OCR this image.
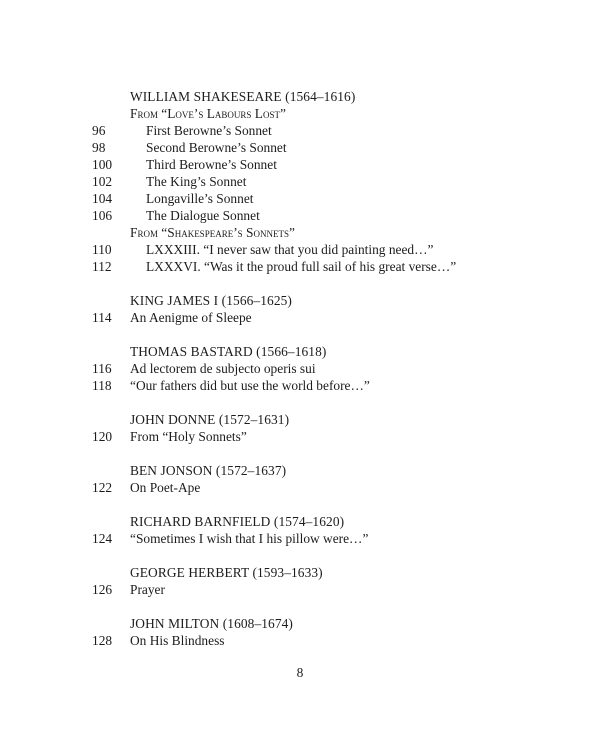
WILLIAM SHAKESEARE (1564–1616)
From “Love’s Labours Lost”
96	First Berowne’s Sonnet
98	Second Berowne’s Sonnet
100	Third Berowne’s Sonnet
102	The King’s Sonnet
104	Longaville’s Sonnet
106	The Dialogue Sonnet
From “Shakespeare’s Sonnets”
110	LXXXIII. “I never saw that you did painting need…”
112	LXXXVI. “Was it the proud full sail of his great verse…”
KING JAMES I (1566–1625)
114	An Aenigme of Sleepe
THOMAS BASTARD (1566–1618)
116	Ad lectorem de subjecto operis sui
118	“Our fathers did but use the world before…”
JOHN DONNE (1572–1631)
120	From “Holy Sonnets”
BEN JONSON (1572–1637)
122	On Poet-Ape
RICHARD BARNFIELD (1574–1620)
124	“Sometimes I wish that I his pillow were…”
GEORGE HERBERT (1593–1633)
126	Prayer
JOHN MILTON (1608–1674)
128	On His Blindness
8
